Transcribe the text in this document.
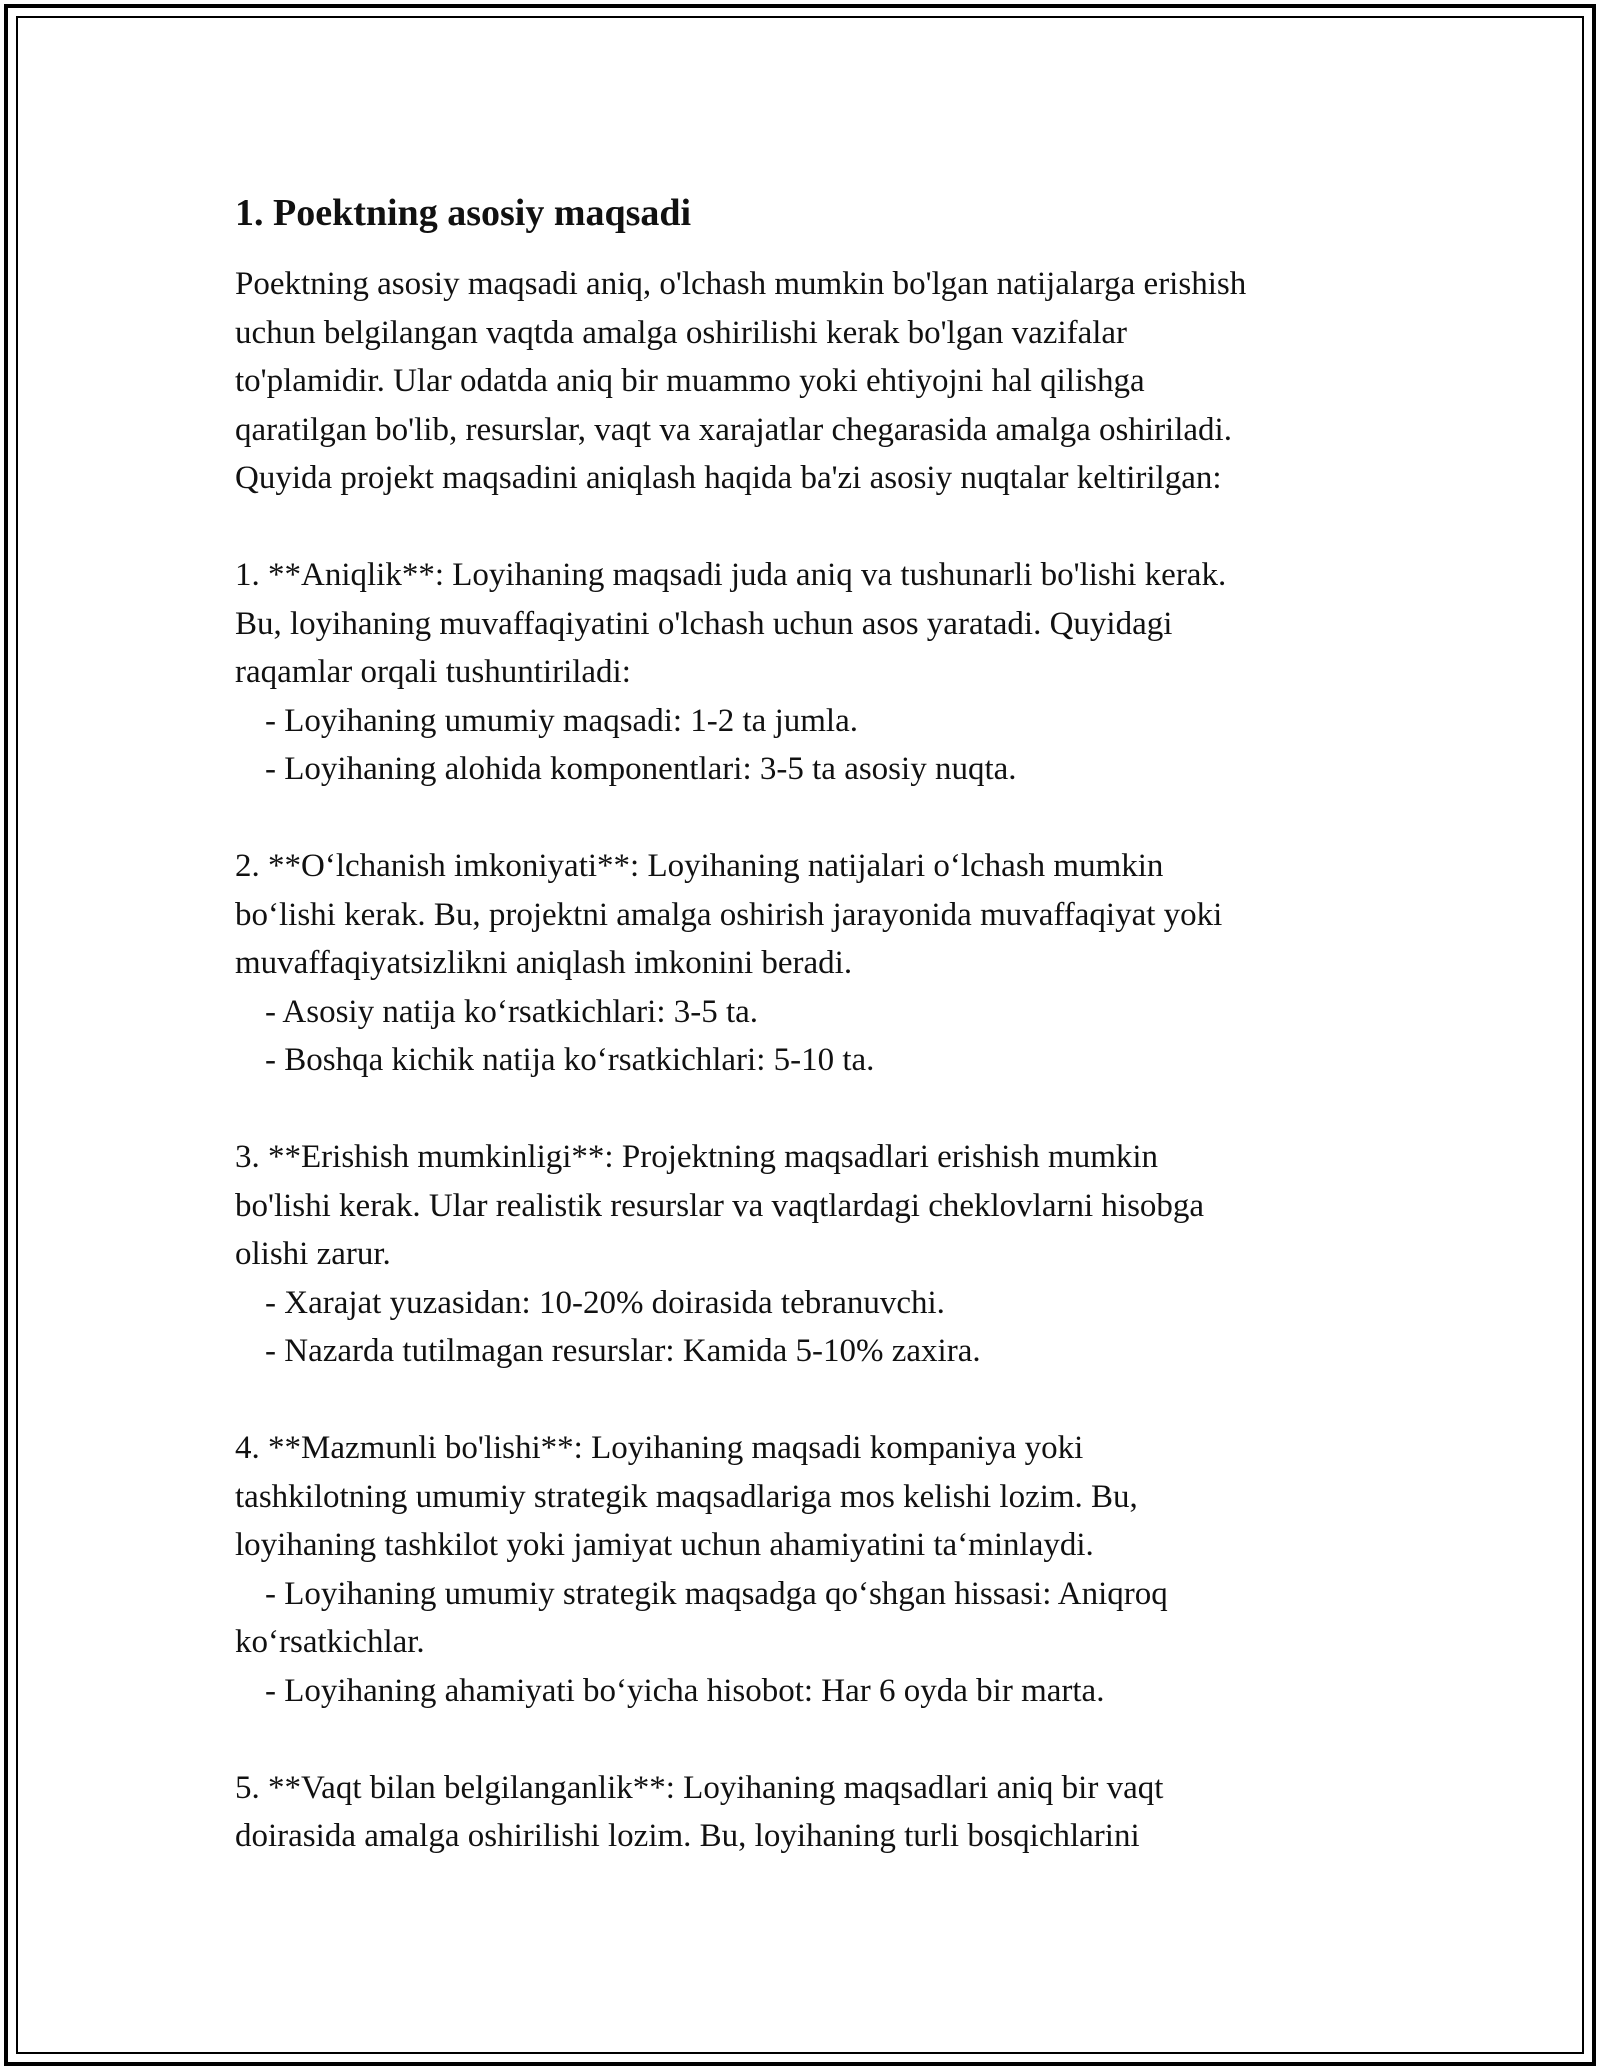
1. Poektning asosiy maqsadi

Poektning asosiy maqsadi aniq, o'lchash mumkin bo'lgan natijalarga erishish

uchun belgilangan vaqtda amalga oshirilishi kerak bo'lgan vazifalar

to'plamidir. Ular odatda aniq bir muammo yoki ehtiyojni hal qilishga

qaratilgan bo'lib, resurslar, vaqt va xarajatlar chegarasida amalga oshiriladi.

Quyida projekt maqsadini aniqlash haqida ba'zi asosiy nuqtalar keltirilgan:

1. **Aniqlik**: Loyihaning maqsadi juda aniq va tushunarli bo'lishi kerak.

Bu, loyihaning muvaffaqiyatini o'lchash uchun asos yaratadi. Quyidagi

raqamlar orqali tushuntiriladi:

- Loyihaning umumiy maqsadi: 1-2 ta jumla.

- Loyihaning alohida komponentlari: 3-5 ta asosiy nuqta.

2. **Oʻlchanish imkoniyati**: Loyihaning natijalari oʻlchash mumkin

boʻlishi kerak. Bu, projektni amalga oshirish jarayonida muvaffaqiyat yoki

muvaffaqiyatsizlikni aniqlash imkonini beradi.

- Asosiy natija koʻrsatkichlari: 3-5 ta.

- Boshqa kichik natija koʻrsatkichlari: 5-10 ta.

3. **Erishish mumkinligi**: Projektning maqsadlari erishish mumkin

bo'lishi kerak. Ular realistik resurslar va vaqtlardagi cheklovlarni hisobga

olishi zarur.

- Xarajat yuzasidan: 10-20% doirasida tebranuvchi.

- Nazarda tutilmagan resurslar: Kamida 5-10% zaxira.

4. **Mazmunli bo'lishi**: Loyihaning maqsadi kompaniya yoki

tashkilotning umumiy strategik maqsadlariga mos kelishi lozim. Bu,

loyihaning tashkilot yoki jamiyat uchun ahamiyatini taʻminlaydi.

- Loyihaning umumiy strategik maqsadga qoʻshgan hissasi: Aniqroq

koʻrsatkichlar.

- Loyihaning ahamiyati boʻyicha hisobot: Har 6 oyda bir marta.

5. **Vaqt bilan belgilanganlik**: Loyihaning maqsadlari aniq bir vaqt

doirasida amalga oshirilishi lozim. Bu, loyihaning turli bosqichlarini
